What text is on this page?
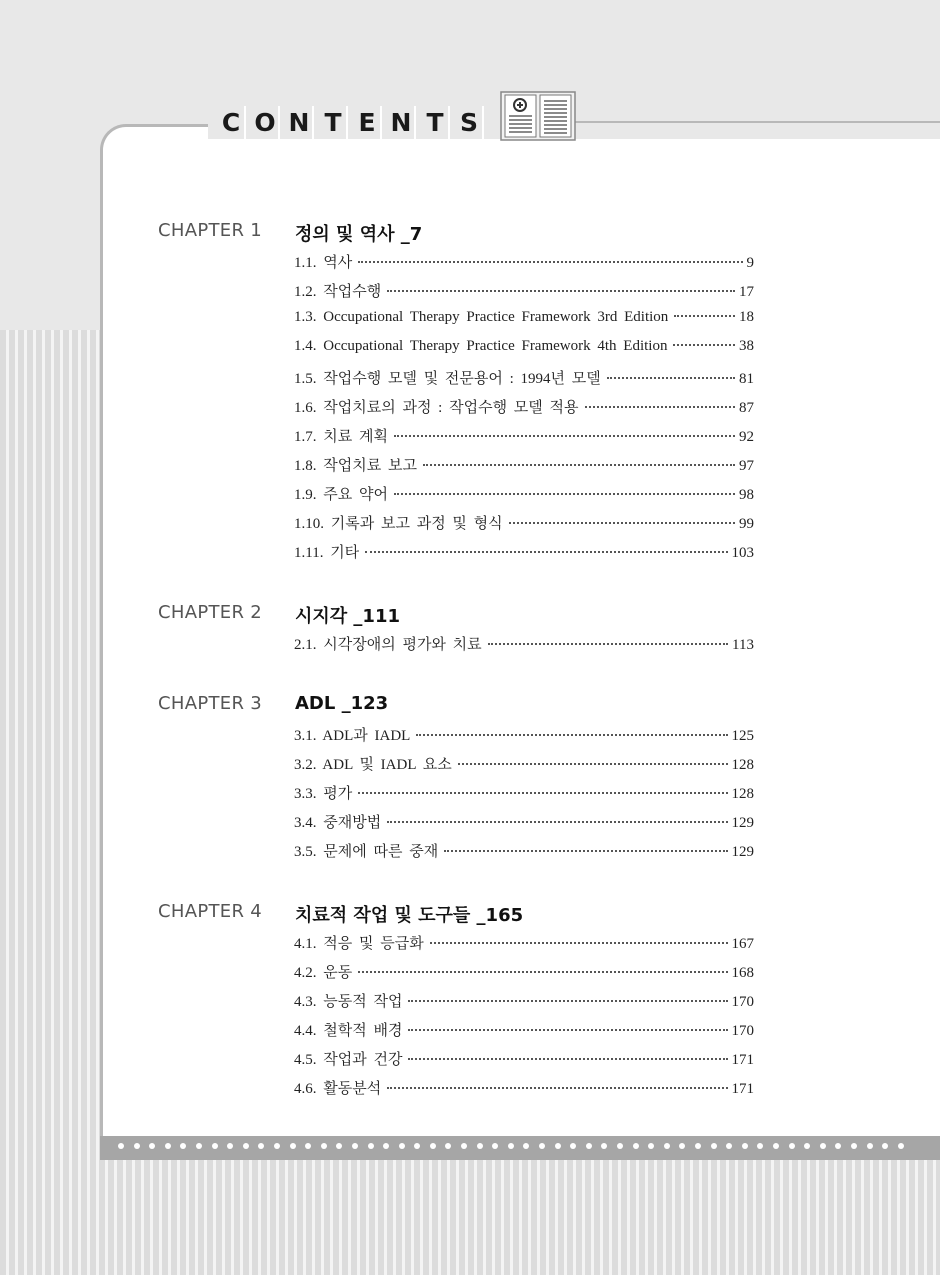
C O N T E N T S
CHAPTER 1 정의 및 역사 _7
1.1. 역사	9
1.2. 작업수행	17
1.3. Occupational Therapy Practice Framework 3rd Edition	18
1.4. Occupational Therapy Practice Framework 4th Edition	38
1.5. 작업수행 모델 및 전문용어 : 1994년 모델	81
1.6. 작업치료의 과정 : 작업수행 모델 적용	87
1.7. 치료 계획	92
1.8. 작업치료 보고	97
1.9. 주요 약어	98
1.10. 기록과 보고 과정 및 형식	99
1.11. 기타	103
CHAPTER 2 시지각 _111
2.1. 시각장애의 평가와 치료	113
CHAPTER 3 ADL _123
3.1. ADL과 IADL	125
3.2. ADL 및 IADL 요소	128
3.3. 평가	128
3.4. 중재방법	129
3.5. 문제에 따른 중재	129
CHAPTER 4 치료적 작업 및 도구들 _165
4.1. 적응 및 등급화	167
4.2. 운동	168
4.3. 능동적 작업	170
4.4. 철학적 배경	170
4.5. 작업과 건강	171
4.6. 활동분석	171
